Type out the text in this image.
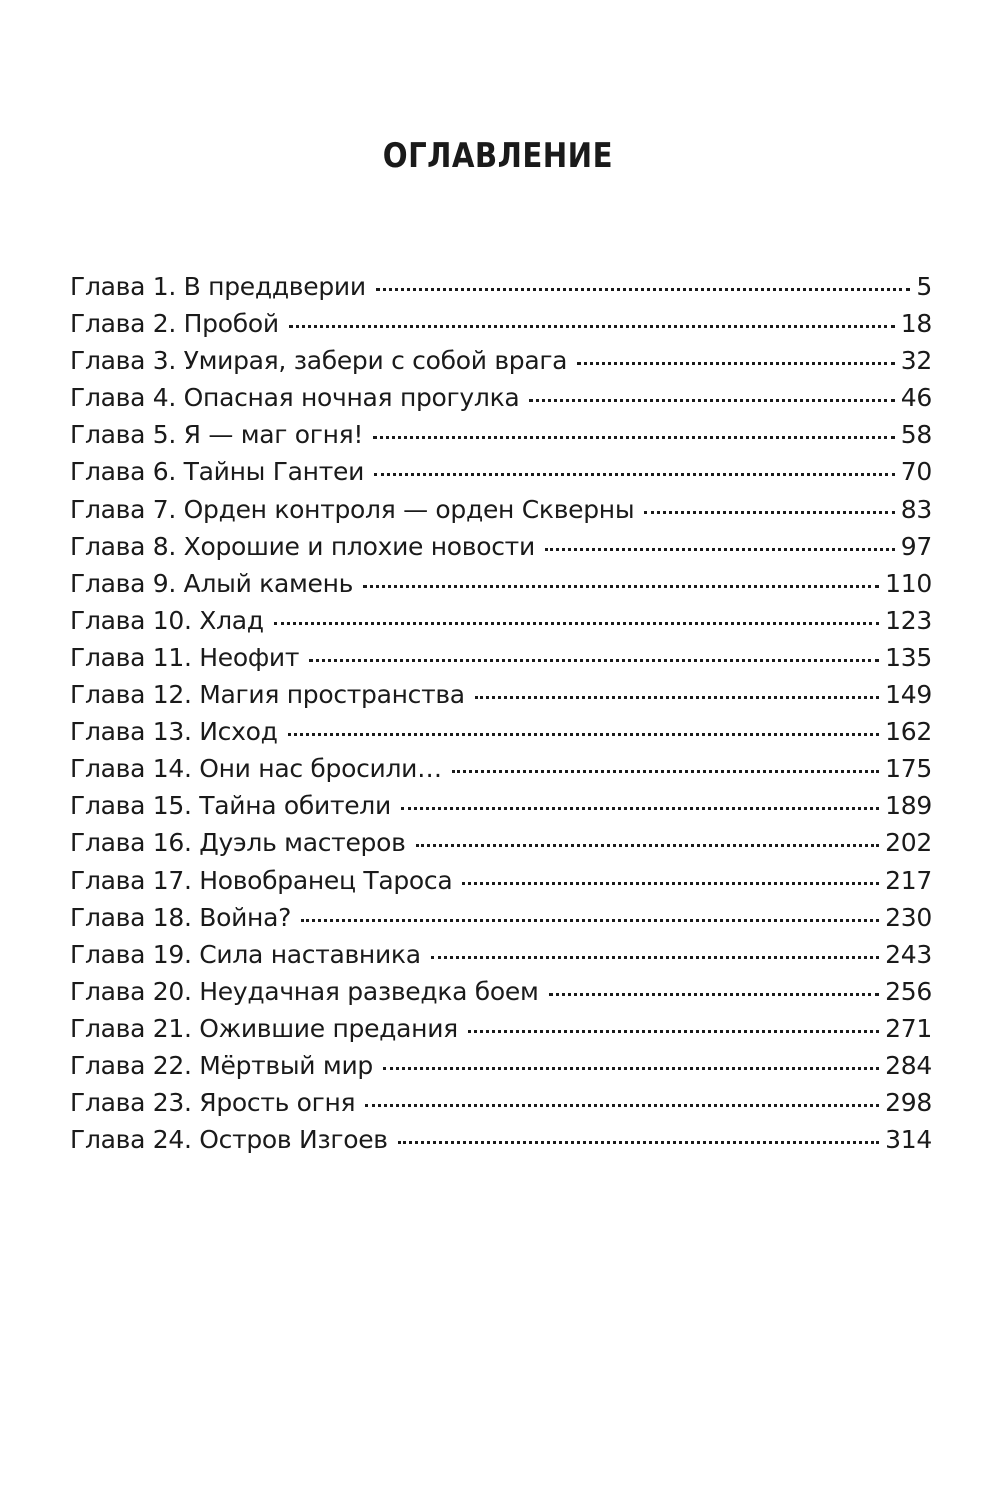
ОГЛАВЛЕНИЕ
Глава 1. В преддверии	5
Глава 2. Пробой	18
Глава 3. Умирая, забери с собой врага	32
Глава 4. Опасная ночная прогулка	46
Глава 5. Я — маг огня!	58
Глава 6. Тайны Гантеи	70
Глава 7. Орден контроля — орден Скверны	83
Глава 8. Хорошие и плохие новости	97
Глава 9. Алый камень	110
Глава 10. Хлад	123
Глава 11. Неофит	135
Глава 12. Магия пространства	149
Глава 13. Исход	162
Глава 14. Они нас бросили…	175
Глава 15. Тайна обители	189
Глава 16. Дуэль мастеров	202
Глава 17. Новобранец Тароса	217
Глава 18. Война?	230
Глава 19. Сила наставника	243
Глава 20. Неудачная разведка боем	256
Глава 21. Ожившие предания	271
Глава 22. Мёртвый мир	284
Глава 23. Ярость огня	298
Глава 24. Остров Изгоев	314
